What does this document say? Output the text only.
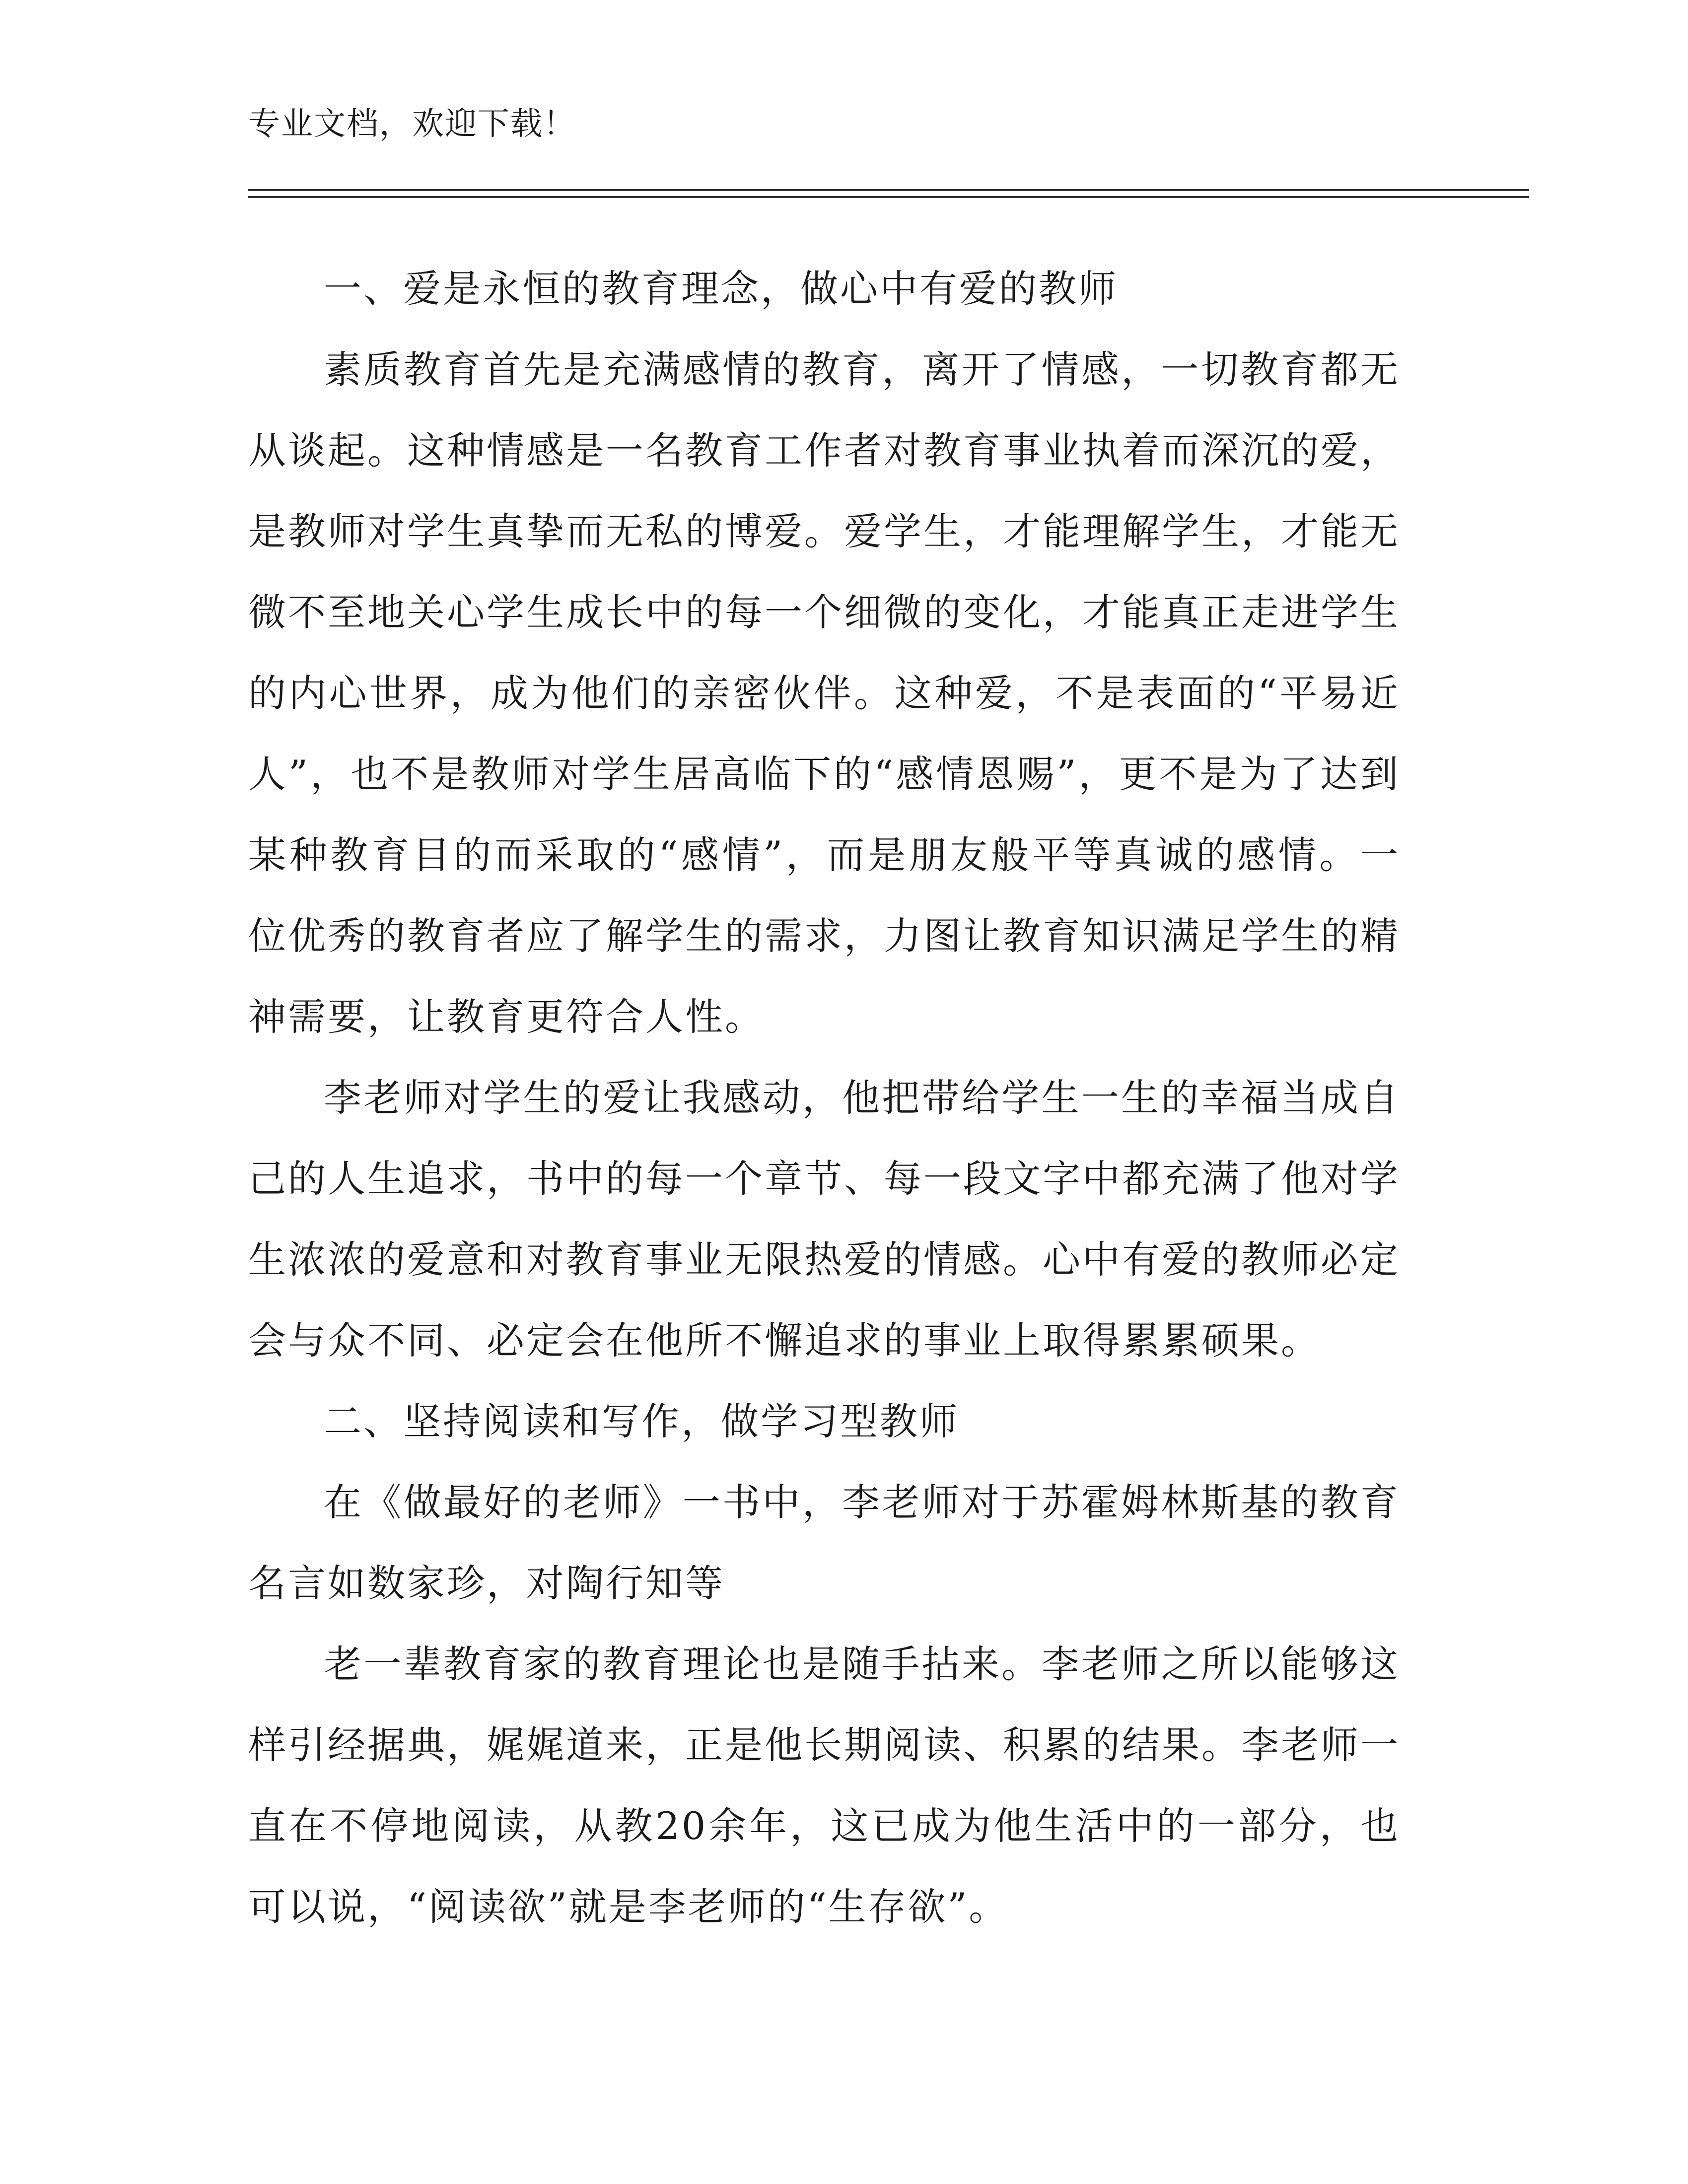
专业文档，欢迎下载！

一、爱是永恒的教育理念，做心中有爱的教师

素质教育首先是充满感情的教育，离开了情感，一切教育都无从谈起。这种情感是一名教育工作者对教育事业执着而深沉的爱，是教师对学生真挚而无私的博爱。爱学生，才能理解学生，才能无微不至地关心学生成长中的每一个细微的变化，才能真正走进学生的内心世界，成为他们的亲密伙伴。这种爱，不是表面的“平易近人”，也不是教师对学生居高临下的“感情恩赐”，更不是为了达到某种教育目的而采取的“感情”，而是朋友般平等真诚的感情。一位优秀的教育者应了解学生的需求，力图让教育知识满足学生的精神需要，让教育更符合人性。

李老师对学生的爱让我感动，他把带给学生一生的幸福当成自己的人生追求，书中的每一个章节、每一段文字中都充满了他对学生浓浓的爱意和对教育事业无限热爱的情感。心中有爱的教师必定会与众不同、必定会在他所不懈追求的事业上取得累累硕果。

二、坚持阅读和写作，做学习型教师

在《做最好的老师》一书中，李老师对于苏霍姆林斯基的教育名言如数家珍，对陶行知等

老一辈教育家的教育理论也是随手拈来。李老师之所以能够这样引经据典，娓娓道来，正是他长期阅读、积累的结果。李老师一直在不停地阅读，从教20余年，这已成为他生活中的一部分，也可以说，“阅读欲”就是李老师的“生存欲”。
